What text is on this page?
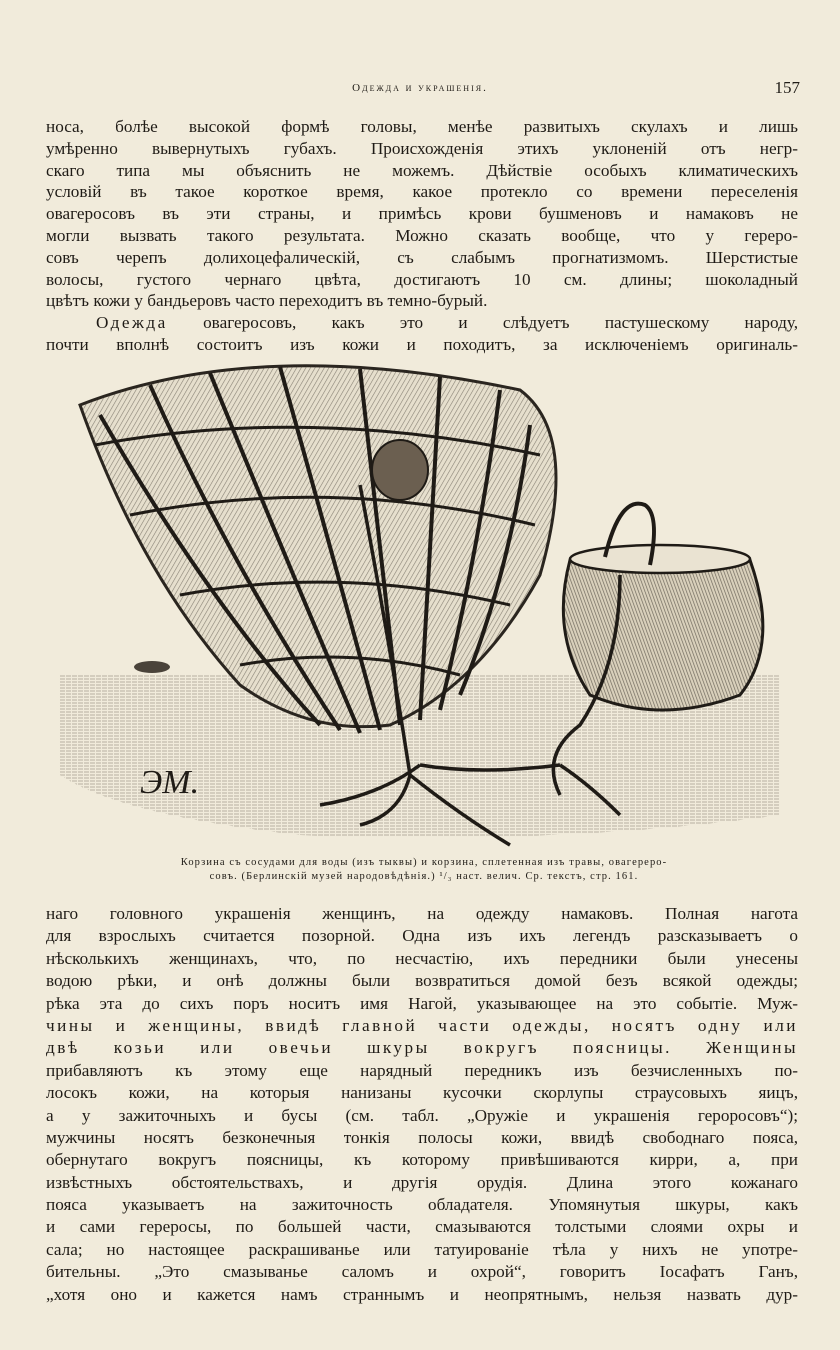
Одежда и украшенія.	157
носа, болѣе высокой формѣ головы, менѣе развитыхъ скулахъ и лишь
умѣренно вывернутыхъ губахъ. Происхожденія этихъ уклоненій отъ негр-
скаго типа мы объяснить не можемъ. Дѣйствіе особыхъ климатическихъ
условій въ такое короткое время, какое протекло со времени переселенія
овагеросовъ въ эти страны, и примѣсь крови бушменовъ и намаковъ не
могли вызвать такого результата. Можно сказать вообще, что у гереро-
совъ черепъ долихоцефалическій, съ слабымъ прогнатизмомъ. Шерстистые
волосы, густого чернаго цвѣта, достигаютъ 10 см. длины; шоколадный
цвѣтъ кожи у бандьеровъ часто переходитъ въ темно-бурый.
Одежда овагеросовъ, какъ это и слѣдуетъ пастушескому народу,
почти вполнѣ состоитъ изъ кожи и походитъ, за исключеніемъ оригиналь-
ЭМ.
Корзина съ сосудами для воды (изъ тыквы) и корзина, сплетенная изъ травы, овагереро-
совъ. (Берлинскій музей народовѣдѣнія.) ¹/₃ наст. велич. Ср. текстъ, стр. 161.
наго головного украшенія женщинъ, на одежду намаковъ. Полная нагота
для взрослыхъ считается позорной. Одна изъ ихъ легендъ разсказываетъ о
нѣсколькихъ женщинахъ, что, по несчастію, ихъ передники были унесены
водою рѣки, и онѣ должны были возвратиться домой безъ всякой одежды;
рѣка эта до сихъ поръ носитъ имя Нагой, указывающее на это событіе. Муж-
чины и женщины, ввидѣ главной части одежды, носятъ одну или
двѣ козьи или овечьи шкуры вокругъ поясницы. Женщины
прибавляютъ къ этому еще нарядный передникъ изъ безчисленныхъ по-
лосокъ кожи, на которыя нанизаны кусочки скорлупы страусовыхъ яицъ,
а у зажиточныхъ и бусы (см. табл. „Оружіе и украшенія героросовъ“);
мужчины носятъ безконечныя тонкія полосы кожи, ввидѣ свободнаго пояса,
обернутаго вокругъ поясницы, къ которому привѣшиваются кирри, а, при
извѣстныхъ обстоятельствахъ, и другія орудія. Длина этого кожанаго
пояса указываетъ на зажиточность обладателя. Упомянутыя шкуры, какъ
и сами гереросы, по большей части, смазываются толстыми слоями охры и
сала; но настоящее раскрашиванье или татуированіе тѣла у нихъ не употре-
бительны. „Это смазыванье саломъ и охрой“, говоритъ Іосафатъ Ганъ,
„хотя оно и кажется намъ страннымъ и неопрятнымъ, нельзя назвать дур-
